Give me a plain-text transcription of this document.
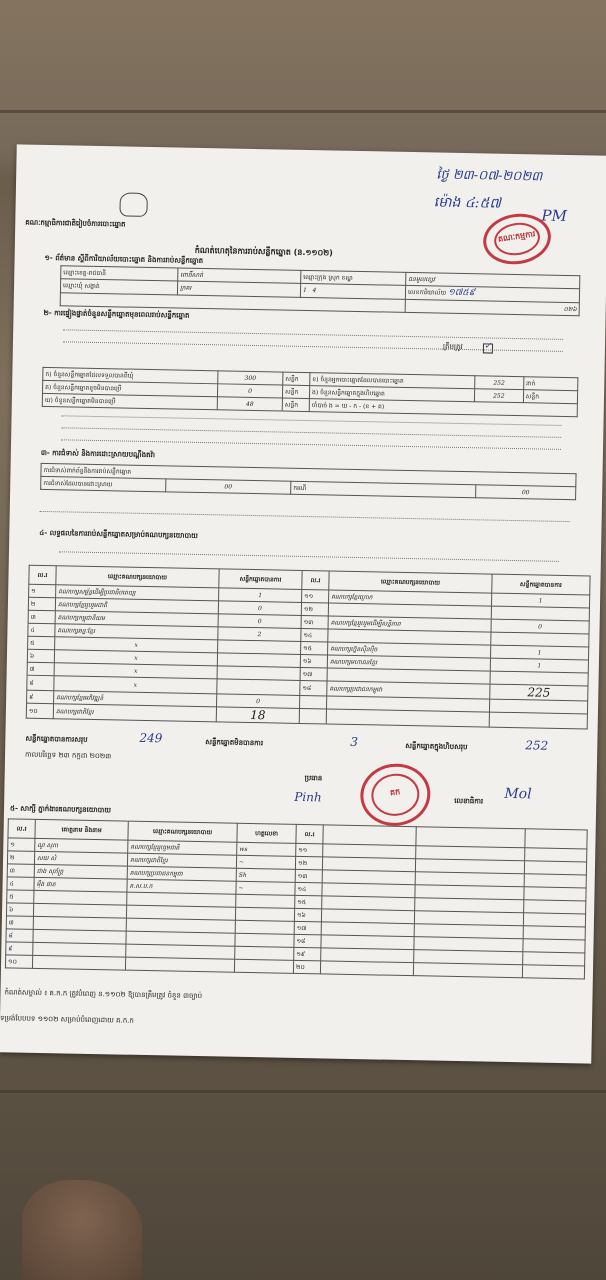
ថ្ងៃ ២៣-០៧-២០២៣
ម៉ោង ៤:៥៧
PM
គណៈកម្មាធិការជាតិរៀបចំការបោះឆ្នោត
គណៈកម្មការ
កំណត់ហេតុនៃការរាប់សន្លឹកឆ្នោត (ន.១១០២)
១- ព័ត៌មាន ស្ដីពីការិយាល័យបោះឆ្នោត និងការរាប់សន្លឹកឆ្នោត
ឈ្មោះខេត្ត-រាជធានី	ពោធិ៍សាត់	ឈ្មោះក្រុង ស្រុក ខណ្ឌ	ធនមូលខ្សេវ
ឈ្មោះឃុំ សង្កាត់	ក្រគរ	1 4	លេខការិយាល័យ ១៧៥៩
			០២៦
២- ការផ្ទៀងផ្ទាត់ចំនួនសន្លឹកឆ្នោតមុនពេលរាប់សន្លឹកឆ្នោត
ត្រឹមត្រូវ ✓
ក) ចំនួនសន្លឹកឆ្នោតដែលទទួលបានពីឃុំ	300	សន្លឹក	ខ) ចំនួនអ្នកបោះឆ្នោតដែលបានបោះឆ្នោត	252	នាក់
គ) ចំនួនសន្លឹកឆ្នោតខូចមិនបានប្រើ	0	សន្លឹក	ង) ចំនួនសន្លឹកឆ្នោតក្នុងហិបឆ្នោត	252	សន្លឹក
ឃ) ចំនួនសន្លឹកឆ្នោតមិនបានប្រើ	48	សន្លឹក	ចាំបាច់ ង = ឃ - ក - (ខ + គ)		
៣- ការជំទាស់ និងការដោះស្រាយបណ្ដឹងតវ៉ា
ការជំទាស់ពាក់ព័ន្ធនឹងការរាប់សន្លឹកឆ្នោត
ការជំទាស់ដែលបានដោះស្រាយ	00	ករណី	00
៤- លទ្ធផលនៃការរាប់សន្លឹកឆ្នោតសម្រាប់គណបក្សនយោបាយ
ល.រ	ឈ្មោះគណបក្សនយោបាយ	សន្លឹកឆ្នោតបានការ	ល.រ	ឈ្មោះគណបក្សនយោបាយ	សន្លឹកឆ្នោតបានការ
១	គណបក្សសម្ព័ន្ធដើម្បីប្រជាធិបតេយ្យ	1	១១	គណបក្សខ្មែរក្រោក	1
២	គណបក្សខ្មែររួបរួមជាតិ	0	១២		
៣	គណបក្សកម្ពុជានិយម	0	១៣	គណបក្សខ្មែររួបរួមដើម្បីសន្តិភាព	0
៤	គណបក្សឆន្ទៈខ្មែរ	2	១៤		
៥	x		១៥	គណបក្សហ្វ៊ុនស៊ិនប៉ិច	1
៦	x		១៦	គណបក្សមហាជនខ្មែរ	1
៧	x		១៧		
៨	x		១៨	គណបក្សប្រជាជនកម្ពុជា	225
៩	គណបក្សខ្មែរអភិវឌ្ឍន៍	0			
១០	គណបក្សជាតិខ្មែរ	18			
សន្លឹកឆ្នោតបានការសរុប	249	សន្លឹកឆ្នោតមិនបានការ	3	សន្លឹកឆ្នោតក្នុងហិបសរុប	252
កាលបរិច្ឆេទ ២៣ កក្កដា ២០២៣
គក
ប្រធាន
Pinh	លេខាធិការ Mol
៥- សាក្សី ភ្នាក់ងារគណបក្សនយោបាយ
ល.រ	គោត្តនាម និងនាម	ឈ្មោះគណបក្សនយោបាយ	ហត្ថលេខា	ល.រ			
១	ណូ សុភា	គណបក្សខ្មែររួបរួមជាតិ	ws	១១			
២	សយ សំ	គណបក្សជាតិខ្មែរ	~	១២			
៣	ជាង សុភ័ក្ត្រ	គណបក្សប្រជាជនកម្ពុជា	Sh	១៣			
៤	ម៉ឹង ផាត	គ.ស.ប.ក	~	១៤			
៥				១៥			
៦				១៦			
៧				១៧			
៨				១៨			
៩				១៩			
១០				២០			
កំណត់សម្គាល់ ៖ គ.ក.ក ត្រូវបំពេញ ន.១១០២ ឱ្យបានត្រឹមត្រូវ ចំនួន ៣ច្បាប់
ទម្រង់បែបបទ ១១០២ សម្រាប់បំពេញដោយ គ.ក.ក
